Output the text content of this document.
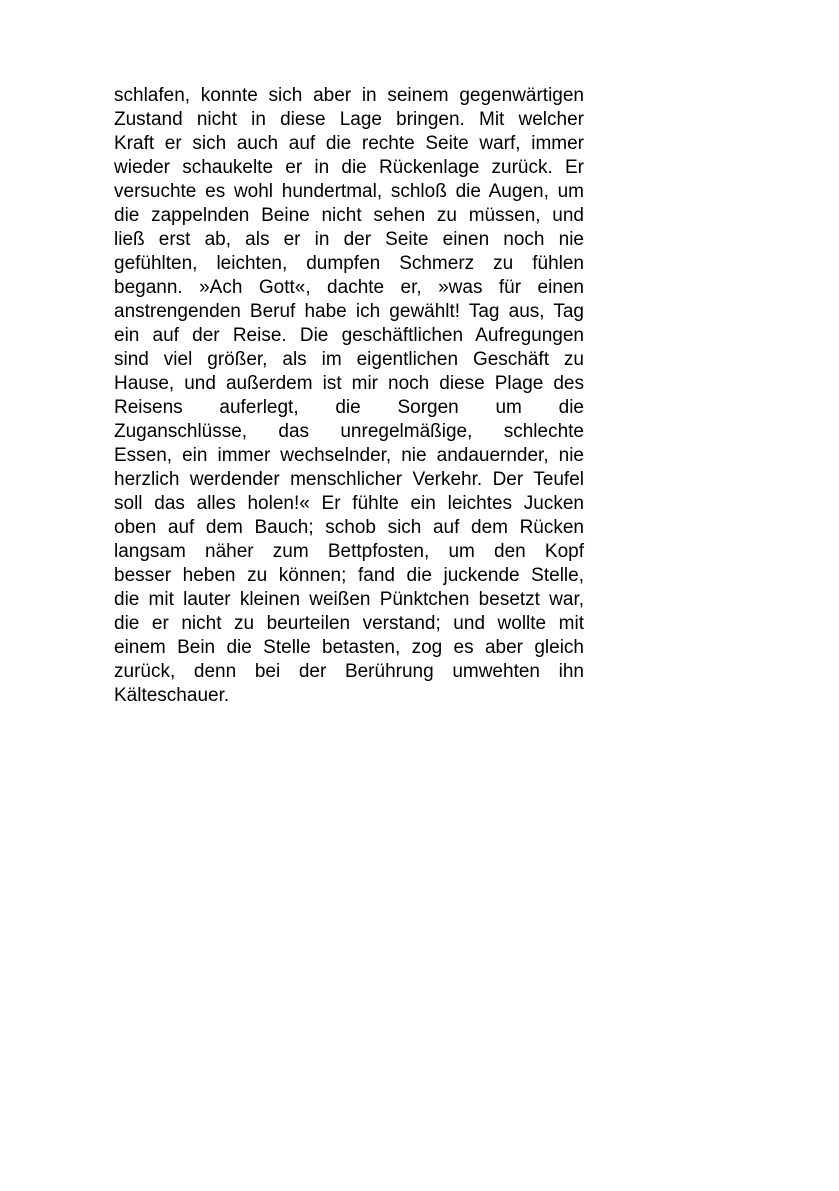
schlafen, konnte sich aber in seinem gegenwärtigen
Zustand nicht in diese Lage bringen. Mit welcher
Kraft er sich auch auf die rechte Seite warf, immer
wieder schaukelte er in die Rückenlage zurück. Er
versuchte es wohl hundertmal, schloß die Augen, um
die zappelnden Beine nicht sehen zu müssen, und
ließ erst ab, als er in der Seite einen noch nie
gefühlten, leichten, dumpfen Schmerz zu fühlen
begann. »Ach Gott«, dachte er, »was für einen
anstrengenden Beruf habe ich gewählt! Tag aus, Tag
ein auf der Reise. Die geschäftlichen Aufregungen
sind viel größer, als im eigentlichen Geschäft zu
Hause, und außerdem ist mir noch diese Plage des
Reisens auferlegt, die Sorgen um die
Zuganschlüsse, das unregelmäßige, schlechte
Essen, ein immer wechselnder, nie andauernder, nie
herzlich werdender menschlicher Verkehr. Der Teufel
soll das alles holen!« Er fühlte ein leichtes Jucken
oben auf dem Bauch; schob sich auf dem Rücken
langsam näher zum Bettpfosten, um den Kopf
besser heben zu können; fand die juckende Stelle,
die mit lauter kleinen weißen Pünktchen besetzt war,
die er nicht zu beurteilen verstand; und wollte mit
einem Bein die Stelle betasten, zog es aber gleich
zurück, denn bei der Berührung umwehten ihn
Kälteschauer.
